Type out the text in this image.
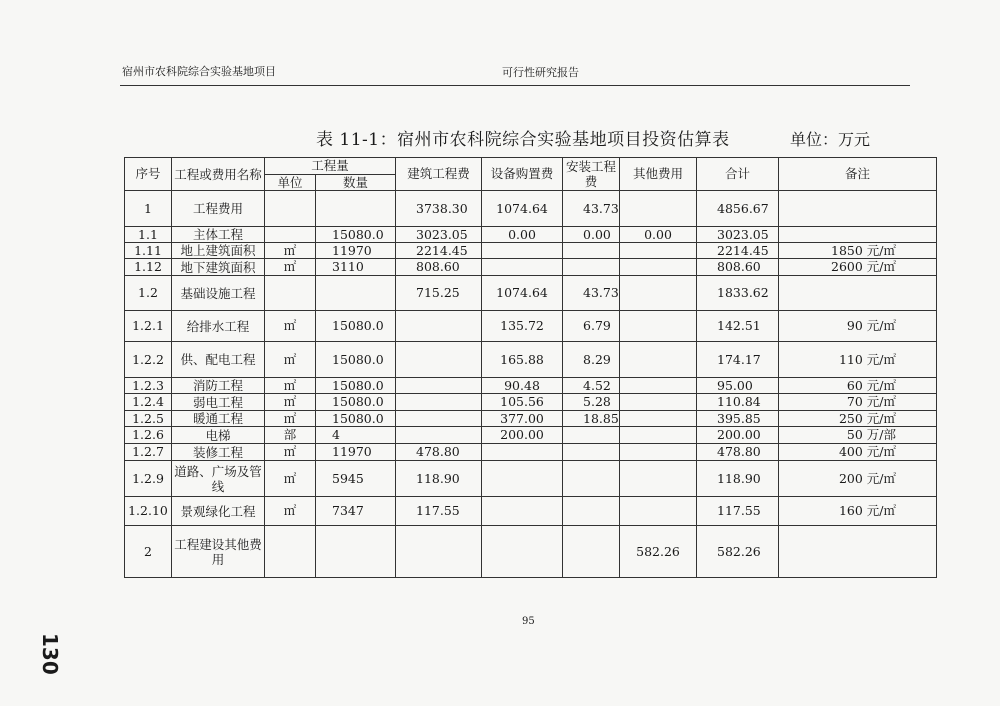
宿州市农科院综合实验基地项目	可行性研究报告
表 11-1：宿州市农科院综合实验基地项目投资估算表	单位：万元
序号	工程或费用名称	工程量		建筑工程费	设备购置费	安装工程费	其他费用	合计	备注
		单位	数量						
1	工程费用			3738.30	1074.64	43.73		4856.67	
1.1	主体工程		15080.0	3023.05	0.00	0.00	0.00	3023.05	
1.11	地上建筑面积	㎡	11970	2214.45				2214.45	1850 元/㎡
1.12	地下建筑面积	㎡	3110	808.60				808.60	2600 元/㎡
1.2	基础设施工程			715.25	1074.64	43.73		1833.62	
1.2.1	给排水工程	㎡	15080.0		135.72	6.79		142.51	90 元/㎡
1.2.2	供、配电工程	㎡	15080.0		165.88	8.29		174.17	110 元/㎡
1.2.3	消防工程	㎡	15080.0		90.48	4.52		95.00	60 元/㎡
1.2.4	弱电工程	㎡	15080.0		105.56	5.28		110.84	70 元/㎡
1.2.5	暖通工程	㎡	15080.0		377.00	18.85		395.85	250 元/㎡
1.2.6	电梯	部	4		200.00			200.00	50 万/部
1.2.7	装修工程	㎡	11970	478.80				478.80	400 元/㎡
1.2.9	道路、广场及管线	㎡	5945	118.90				118.90	200 元/㎡
1.2.10	景观绿化工程	㎡	7347	117.55				117.55	160 元/㎡
2	工程建设其他费用						582.26	582.26	
95
130
